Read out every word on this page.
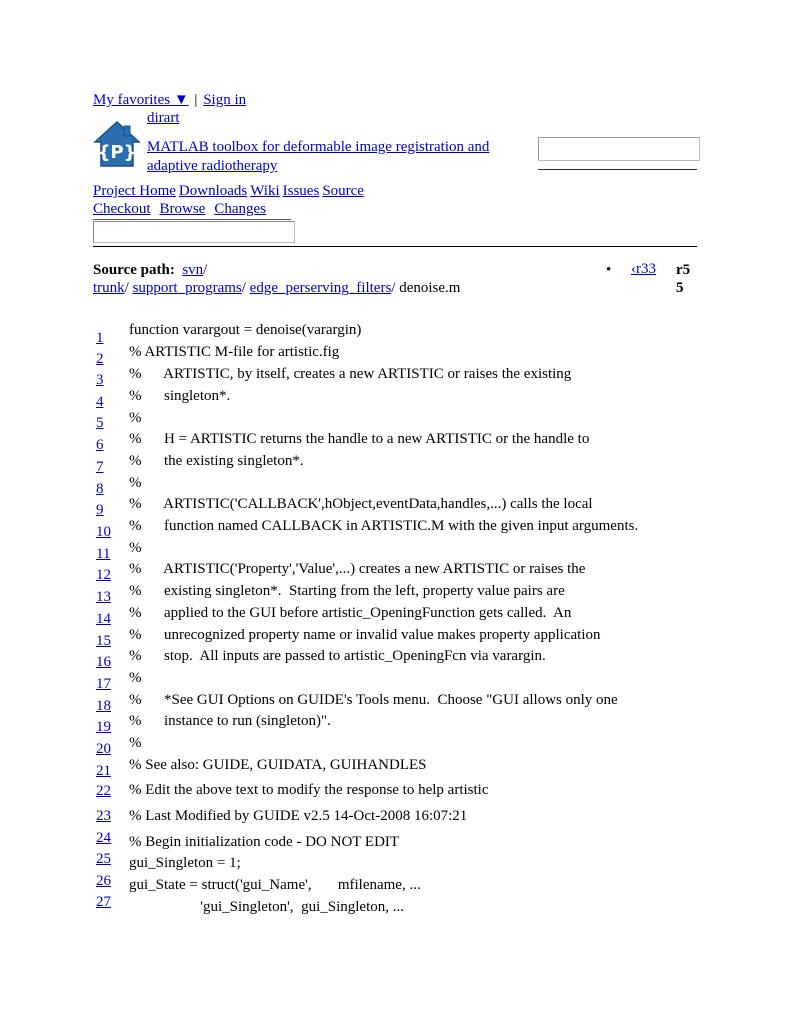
My favorites ▼ | Sign in
{P}
dirart
MATLAB toolbox for deformable image registration and adaptive radiotherapy
Project Home Downloads Wiki Issues Source
Checkout Browse Changes
Source path: svn/
trunk/ support_programs/ edge_perserving_filters/ denoise.m
• ‹r33 r55
1 function varargout = denoise(varargin)
2 % ARTISTIC M-file for artistic.fig
3 %      ARTISTIC, by itself, creates a new ARTISTIC or raises the existing
4 %      singleton*.
5 %
6 %      H = ARTISTIC returns the handle to a new ARTISTIC or the handle to
7 %      the existing singleton*.
8 %
9 %      ARTISTIC('CALLBACK',hObject,eventData,handles,...) calls the local
10 %      function named CALLBACK in ARTISTIC.M with the given input arguments.
11 %
12 %      ARTISTIC('Property','Value',...) creates a new ARTISTIC or raises the
13 %      existing singleton*.  Starting from the left, property value pairs are
14 %      applied to the GUI before artistic_OpeningFunction gets called.  An
15 %      unrecognized property name or invalid value makes property application
16 %      stop.  All inputs are passed to artistic_OpeningFcn via varargin.
17 %
18 %      *See GUI Options on GUIDE's Tools menu.  Choose "GUI allows only one
19 %      instance to run (singleton)".
20 %
21 % See also: GUIDE, GUIDATA, GUIHANDLES
22 % Edit the above text to modify the response to help artistic
23 % Last Modified by GUIDE v2.5 14-Oct-2008 16:07:21
24 % Begin initialization code - DO NOT EDIT
25 gui_Singleton = 1;
26 gui_State = struct('gui_Name',       mfilename, ...
27 'gui_Singleton',  gui_Singleton, ...
